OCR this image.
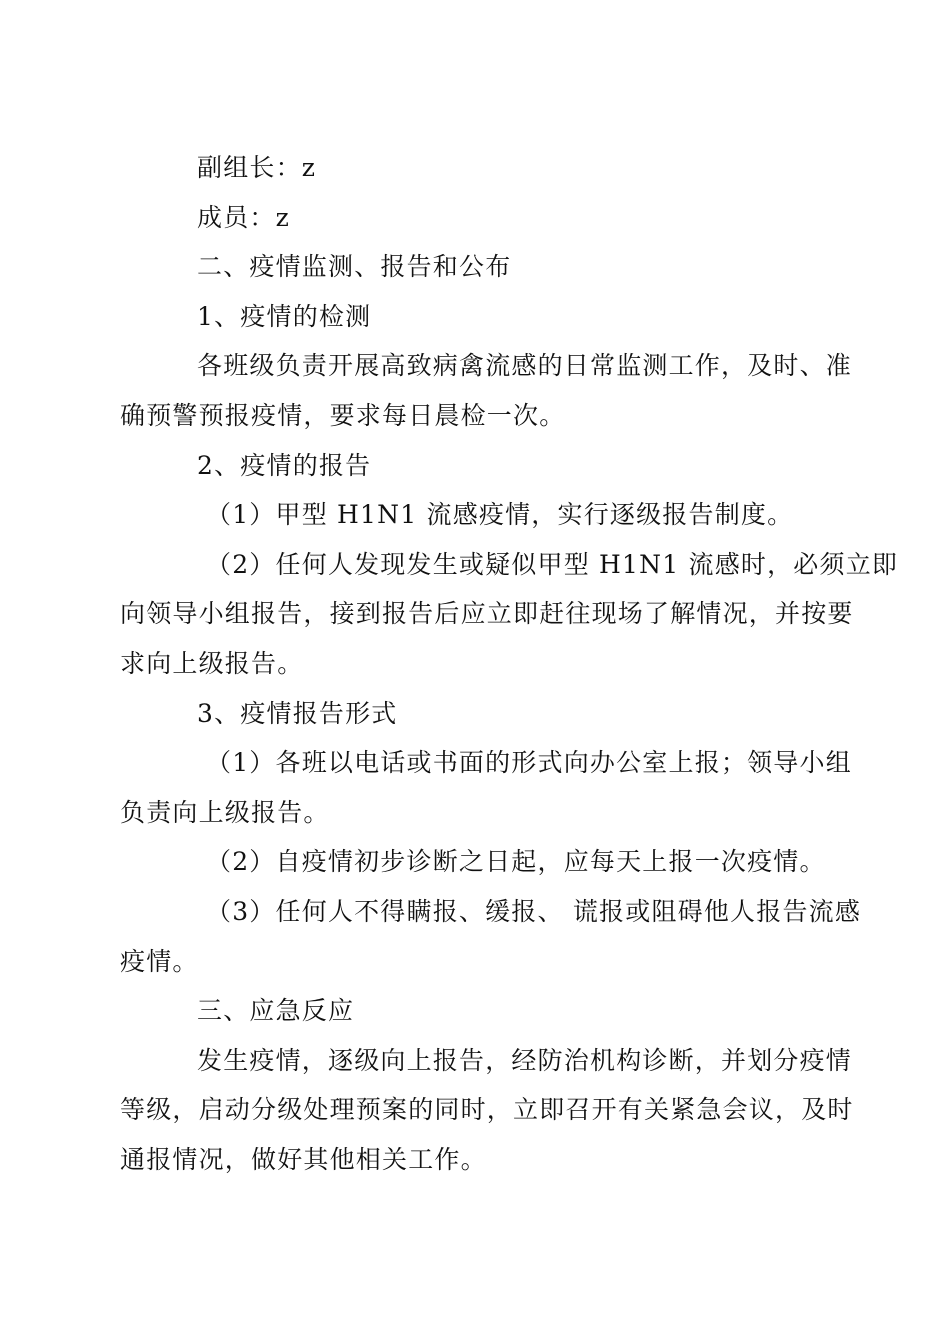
副组长：z

成员：z

二、疫情监测、报告和公布

1、疫情的检测

各班级负责开展高致病禽流感的日常监测工作，及时、准

确预警预报疫情，要求每日晨检一次。

2、疫情的报告

（1）甲型 H1N1 流感疫情，实行逐级报告制度。

（2）任何人发现发生或疑似甲型 H1N1 流感时，必须立即

向领导小组报告，接到报告后应立即赶往现场了解情况，并按要

求向上级报告。

3、疫情报告形式

（1）各班以电话或书面的形式向办公室上报；领导小组

负责向上级报告。

（2）自疫情初步诊断之日起，应每天上报一次疫情。

（3）任何人不得瞒报、缓报、 谎报或阻碍他人报告流感

疫情。

三、应急反应

发生疫情，逐级向上报告，经防治机构诊断，并划分疫情

等级，启动分级处理预案的同时，立即召开有关紧急会议，及时

通报情况，做好其他相关工作。
